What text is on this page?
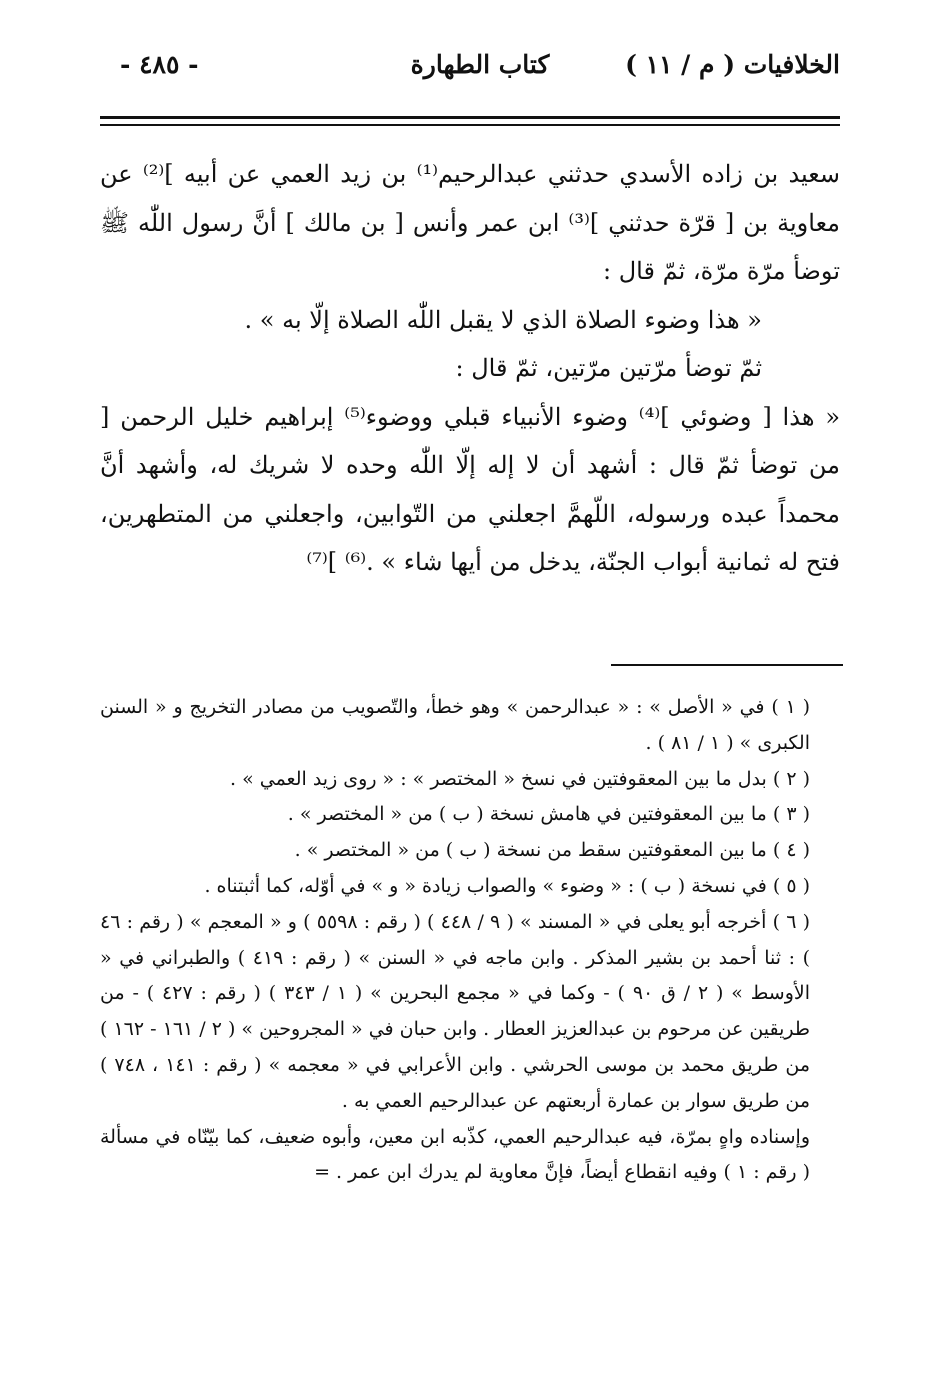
الخلافيات ( م / ١١ )
كتاب الطهارة
- ٤٨٥ -

سعيد بن زاده الأسدي حدثني عبدالرحيم⁽¹⁾ بن زيد العمي عن أبيه ]⁽²⁾ عن معاوية بن [ قرّة حدثني ]⁽³⁾ ابن عمر وأنس [ بن مالك ] أنَّ رسول اللّٰه ﷺ توضأ مرّة مرّة، ثمّ قال :

« هذا وضوء الصلاة الذي لا يقبل اللّٰه الصلاة إلّا به » .

ثمّ توضأ مرّتين مرّتين، ثمّ قال :

« هذا [ وضوئي ]⁽⁴⁾ وضوء الأنبياء قبلي ووضوء⁽⁵⁾ إبراهيم خليل الرحمن [ من توضأ ثمّ قال : أشهد أن لا إله إلّا اللّٰه وحده لا شريك له، وأشهد أنَّ محمداً عبده ورسوله، اللّهمَّ اجعلني من التّوابين، واجعلني من المتطهرين، فتح له ثمانية أبواب الجنّة، يدخل من أيها شاء » .⁽⁶⁾ ]⁽⁷⁾

( ١ ) في « الأصل » : « عبدالرحمن » وهو خطأ، والتّصويب من مصادر التخريج و « السنن الكبرى » ( ١ / ٨١ ) .

( ٢ ) بدل ما بين المعقوفتين في نسخ « المختصر » : « روى زيد العمي » .

( ٣ ) ما بين المعقوفتين في هامش نسخة ( ب ) من « المختصر » .

( ٤ ) ما بين المعقوفتين سقط من نسخة ( ب ) من « المختصر » .

( ٥ ) في نسخة ( ب ) : « وضوء » والصواب زيادة « و » في أوّله، كما أثبتناه .

( ٦ ) أخرجه أبو يعلى في « المسند » ( ٩ / ٤٤٨ ) ( رقم : ٥٥٩٨ ) و « المعجم » ( رقم : ٤٦ ) : ثنا أحمد بن بشير المذكر . وابن ماجه في « السنن » ( رقم : ٤١٩ ) والطبراني في « الأوسط » ( ٢ / ق ٩٠ ) - وكما في « مجمع البحرين » ( ١ / ٣٤٣ ) ( رقم : ٤٢٧ ) - من طريقين عن مرحوم بن عبدالعزيز العطار . وابن حبان في « المجروحين » ( ٢ / ١٦١ - ١٦٢ ) من طريق محمد بن موسى الحرشي . وابن الأعرابي في « معجمه » ( رقم : ١٤١ ، ٧٤٨ ) من طريق سوار بن عمارة أربعتهم عن عبدالرحيم العمي به .

وإسناده واهٍ بمرّة، فيه عبدالرحيم العمي، كذّبه ابن معين، وأبوه ضعيف، كما بيّنّاه في مسألة ( رقم : ١ ) وفيه انقطاع أيضاً، فإنَّ معاوية لم يدرك ابن عمر . =
